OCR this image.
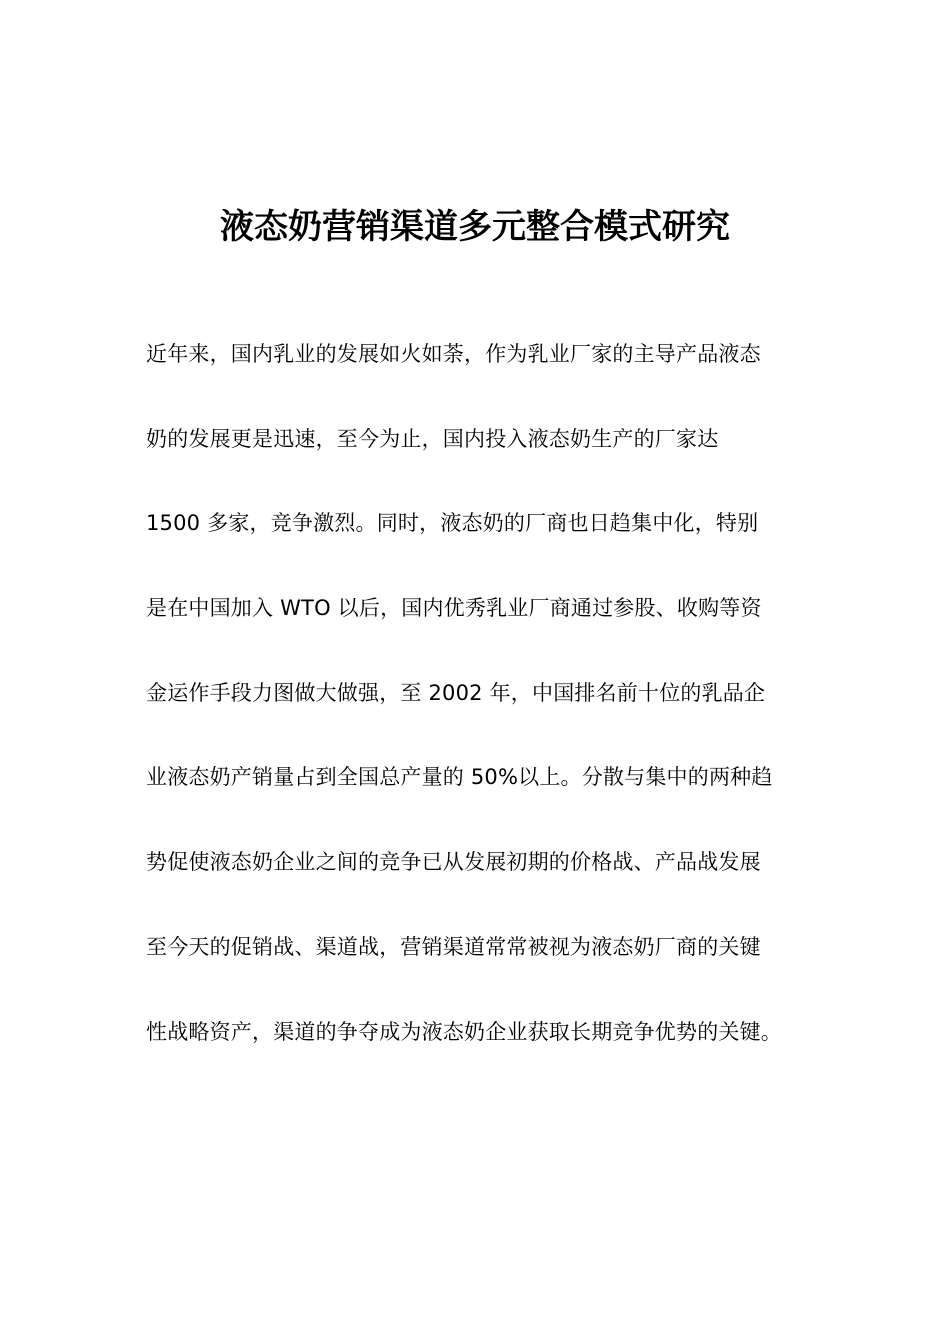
液态奶营销渠道多元整合模式研究
近年来，国内乳业的发展如火如荼，作为乳业厂家的主导产品液态
奶的发展更是迅速，至今为止，国内投入液态奶生产的厂家达
1500 多家，竞争激烈。同时，液态奶的厂商也日趋集中化，特别
是在中国加入 WTO 以后，国内优秀乳业厂商通过参股、收购等资
金运作手段力图做大做强，至 2002 年，中国排名前十位的乳品企
业液态奶产销量占到全国总产量的 50%以上。分散与集中的两种趋
势促使液态奶企业之间的竞争已从发展初期的价格战、产品战发展
至今天的促销战、渠道战，营销渠道常常被视为液态奶厂商的关键
性战略资产，渠道的争夺成为液态奶企业获取长期竞争优势的关键。
